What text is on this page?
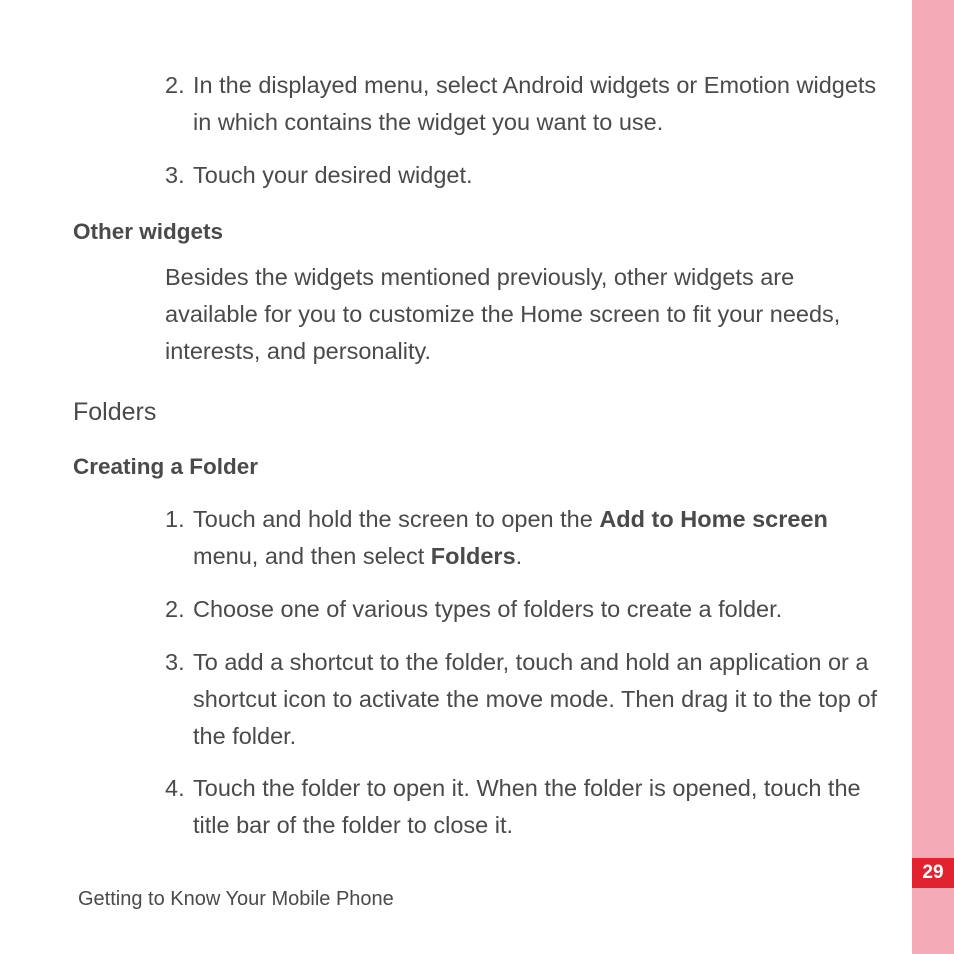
29
2. In the displayed menu, select Android widgets or Emotion widgets in which contains the widget you want to use.
3. Touch your desired widget.
Other widgets
Besides the widgets mentioned previously, other widgets are available for you to customize the Home screen to fit your needs, interests, and personality.
Folders
Creating a Folder
1. Touch and hold the screen to open the Add to Home screen menu, and then select Folders.
2. Choose one of various types of folders to create a folder.
3. To add a shortcut to the folder, touch and hold an application or a shortcut icon to activate the move mode. Then drag it to the top of the folder.
4. Touch the folder to open it. When the folder is opened, touch the title bar of the folder to close it.
Getting to Know Your Mobile Phone
